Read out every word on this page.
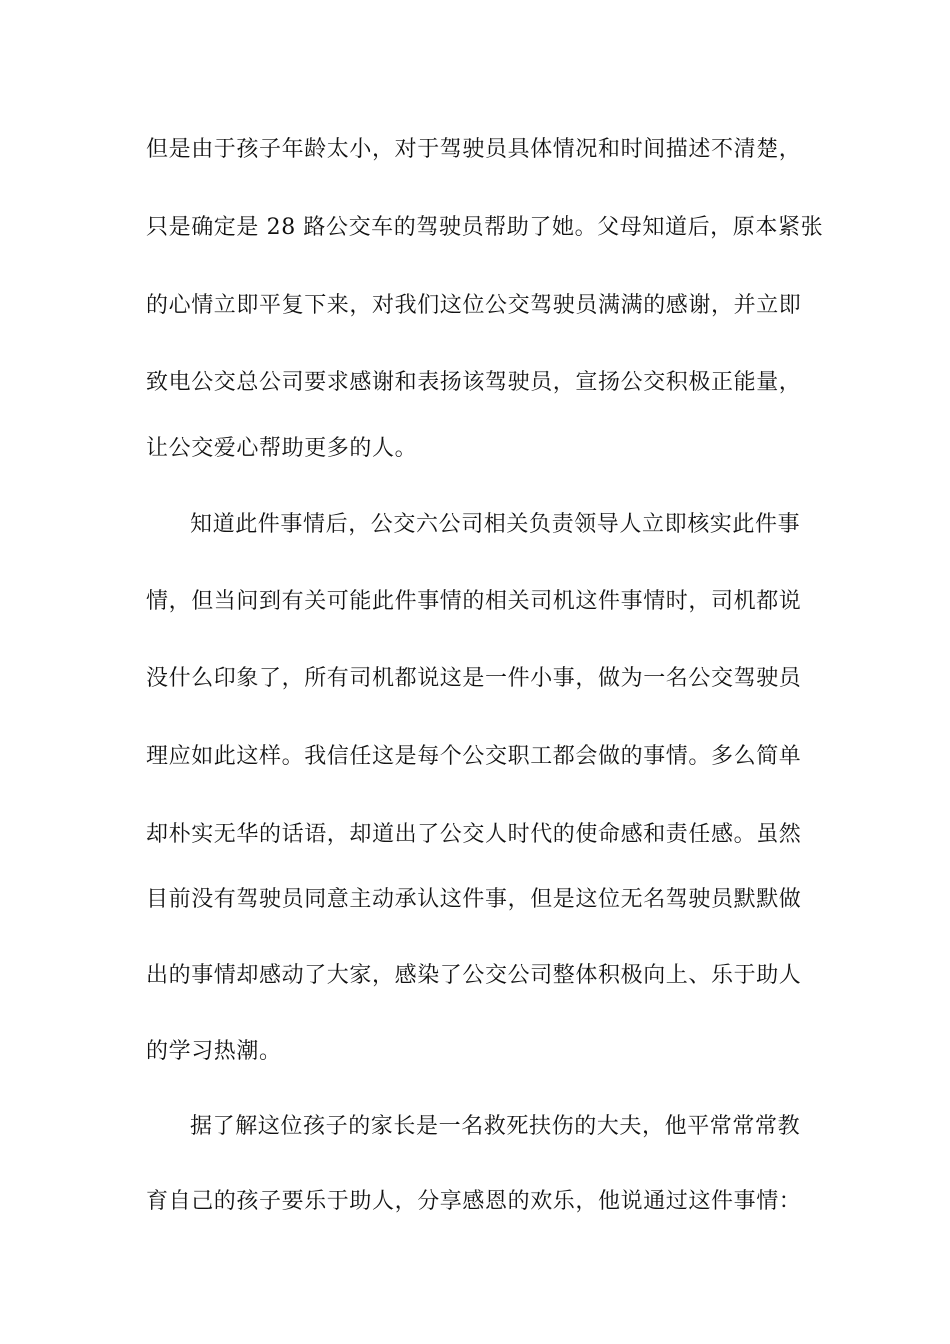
但是由于孩子年龄太小，对于驾驶员具体情况和时间描述不清楚，
只是确定是 28 路公交车的驾驶员帮助了她。父母知道后，原本紧张
的心情立即平复下来，对我们这位公交驾驶员满满的感谢，并立即
致电公交总公司要求感谢和表扬该驾驶员，宣扬公交积极正能量，
让公交爱心帮助更多的人。
知道此件事情后，公交六公司相关负责领导人立即核实此件事
情，但当问到有关可能此件事情的相关司机这件事情时，司机都说
没什么印象了，所有司机都说这是一件小事，做为一名公交驾驶员
理应如此这样。我信任这是每个公交职工都会做的事情。多么简单
却朴实无华的话语，却道出了公交人时代的使命感和责任感。虽然
目前没有驾驶员同意主动承认这件事，但是这位无名驾驶员默默做
出的事情却感动了大家，感染了公交公司整体积极向上、乐于助人
的学习热潮。
据了解这位孩子的家长是一名救死扶伤的大夫，他平常常常教
育自己的孩子要乐于助人，分享感恩的欢乐，他说通过这件事情：
